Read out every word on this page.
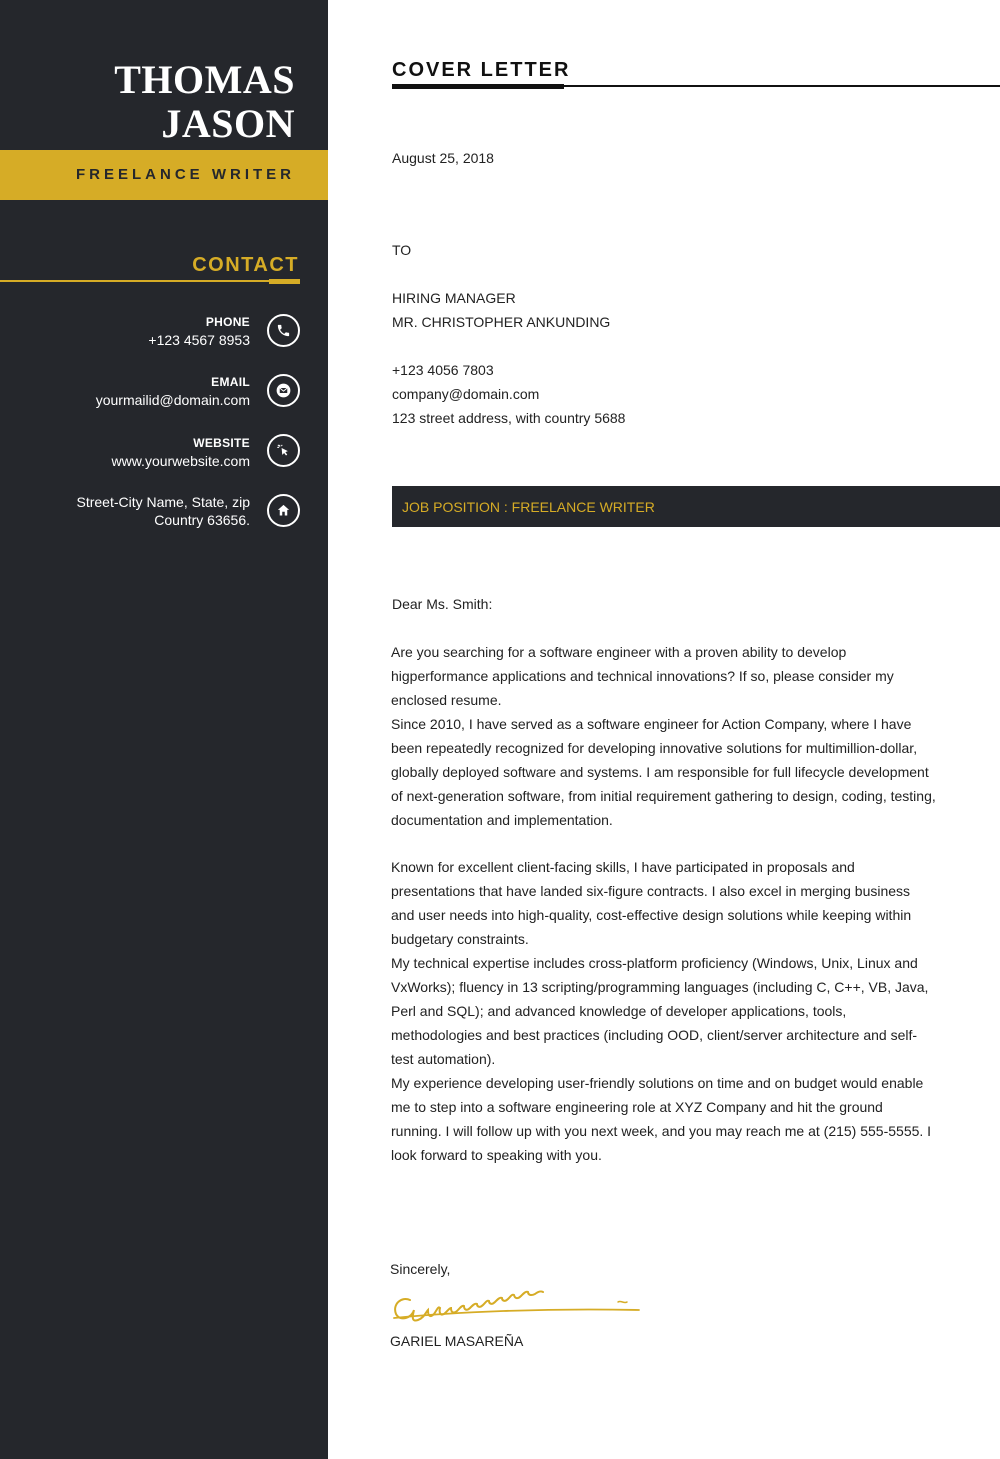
THOMAS
JASON
FREELANCE WRITER
CONTACT
PHONE
+123 4567 8953
EMAIL
yourmailid@domain.com
WEBSITE
www.yourwebsite.com
Street-City Name, State, zip
Country 63656.
COVER LETTER
August 25, 2018
TO
HIRING MANAGER
MR. CHRISTOPHER ANKUNDING
+123 4056 7803
company@domain.com
123 street address, with country 5688
JOB POSITION : FREELANCE WRITER
Dear Ms. Smith:
Are you searching for a software engineer with a proven ability to develop higperformance applications and technical innovations? If so, please consider my enclosed resume.
Since 2010, I have served as a software engineer for Action Company, where I have been repeatedly recognized for developing innovative solutions for multimillion-dollar, globally deployed software and systems. I am responsible for full lifecycle development of next-generation software, from initial requirement gathering to design, coding, testing, documentation and implementation.
Known for excellent client-facing skills, I have participated in proposals and presentations that have landed six-figure contracts. I also excel in merging business and user needs into high-quality, cost-effective design solutions while keeping within budgetary constraints.
My technical expertise includes cross-platform proficiency (Windows, Unix, Linux and VxWorks); fluency in 13 scripting/programming languages (including C, C++, VB, Java, Perl and SQL); and advanced knowledge of developer applications, tools, methodologies and best practices (including OOD, client/server architecture and self-test automation).
My experience developing user-friendly solutions on time and on budget would enable me to step into a software engineering role at XYZ Company and hit the ground running. I will follow up with you next week, and you may reach me at (215) 555-5555. I look forward to speaking with you.
Sincerely,
GARIEL MASAREÑA
